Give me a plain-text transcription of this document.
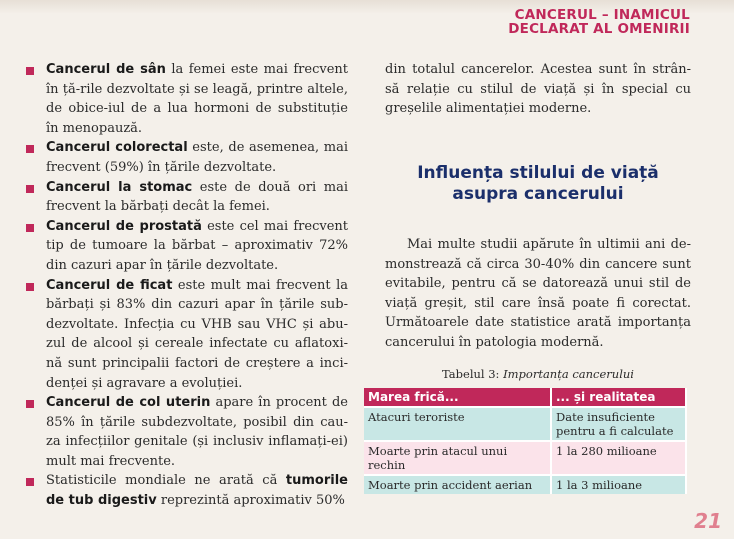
CANCERUL – INAMICUL
DECLARAT AL OMENIRII

Cancerul de sân la femei este mai frecvent în ță-rile dezvoltate și se leagă, printre altele, de obice-iul de a lua hormoni de substituție în menopauză.

Cancerul colorectal este, de asemenea, mai frecvent (59%) în țările dezvoltate.

Cancerul la stomac este de două ori mai frecvent la bărbați decât la femei.

Cancerul de prostată este cel mai frecvent tip de tumoare la bărbat – aproximativ 72% din cazuri apar în țările dezvoltate.

Cancerul de ficat este mult mai frecvent la bărbați și 83% din cazuri apar în țările sub-dezvoltate. Infecția cu VHB sau VHC și abu-zul de alcool și cereale infectate cu aflatoxi-nă sunt principalii factori de creștere a inci-denței și agravare a evoluției.

Cancerul de col uterin apare în procent de 85% în țările subdezvoltate, posibil din cau-za infecțiilor genitale (și inclusiv inflamați-ei) mult mai frecvente.

Statisticile mondiale ne arată că tumorile de tub digestiv reprezintă aproximativ 50%

din totalul cancerelor. Acestea sunt în strân-să relație cu stilul de viață și în special cu greșelile alimentației moderne.

Influența stilului de viață
asupra cancerului

Mai multe studii apărute în ultimii ani de-monstrează că circa 30-40% din cancere sunt evitabile, pentru că se datorează unui stil de viață greșit, stil care însă poate fi corectat. Următoarele date statistice arată importanța cancerului în patologia modernă.

Tabelul 3: Importanța cancerului
Marea frică...	... și realitatea
Atacuri teroriste	Date insuficiente pentru a fi calculate
Moarte prin atacul unui rechin	1 la 280 milioane
Moarte prin accident aerian	1 la 3 milioane
21
